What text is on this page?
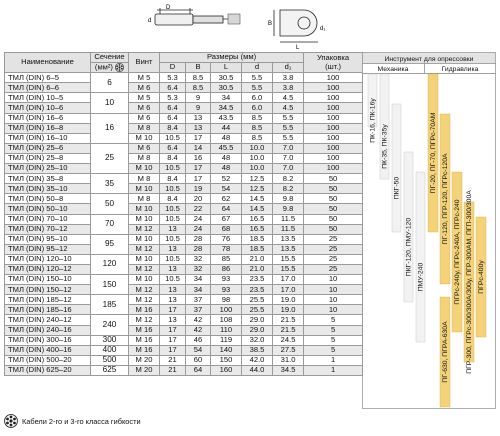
D
d	B
L
d₁
Наименование	Сечение	Винт	Размеры (мм)					Упаковка
(шт.)

	(мм²)		D	B	L	d	d₁	
ТМЛ (DIN) 6–5	6	M 5	5.3	8.5	30.5	5.5	3.8	100
ТМЛ (DIN) 6–6		M 6	6.4	8.5	30.5	5.5	3.8	100
ТМЛ (DIN) 10–5	10	M 5	5.3	9	34	6.0	4.5	100
ТМЛ (DIN) 10–6		M 6	6.4	9	34.5	6.0	4.5	100
ТМЛ (DIN) 16–6	16	M 6	6.4	13	43.5	8.5	5.5	100
ТМЛ (DIN) 16–8		M 8	8.4	13	44	8.5	5.5	100
ТМЛ (DIN) 16–10		M 10	10.5	17	48	8.5	5.5	100
ТМЛ (DIN) 25–6	25	M 6	6.4	14	45.5	10.0	7.0	100
ТМЛ (DIN) 25–8		M 8	8.4	16	48	10.0	7.0	100
ТМЛ (DIN) 25–10		M 10	10.5	17	48	10.0	7.0	100
ТМЛ (DIN) 35–8	35	M 8	8.4	17	52	12.5	8.2	50
ТМЛ (DIN) 35–10		M 10	10.5	19	54	12.5	8.2	50
ТМЛ (DIN) 50–8	50	M 8	8.4	20	62	14.5	9.8	50
ТМЛ (DIN) 50–10		M 10	10.5	22	64	14.5	9.8	50
ТМЛ (DIN) 70–10	70	M 10	10.5	24	67	16.5	11.5	50
ТМЛ (DIN) 70–12		M 12	13	24	68	16.5	11.5	50
ТМЛ (DIN) 95–10	95	M 10	10.5	28	76	18.5	13.5	25
ТМЛ (DIN) 95–12		M 12	13	28	78	18.5	13.5	25
ТМЛ (DIN) 120–10	120	M 10	10.5	32	85	21.0	15.5	25
ТМЛ (DIN) 120–12		M 12	13	32	86	21.0	15.5	25
ТМЛ (DIN) 150–10	150	M 10	10.5	34	93	23.5	17.0	10
ТМЛ (DIN) 150–12		M 12	13	34	93	23.5	17.0	10
ТМЛ (DIN) 185–12	185	M 12	13	37	98	25.5	19.0	10
ТМЛ (DIN) 185–16		M 16	17	37	100	25.5	19.0	10
ТМЛ (DIN) 240–12	240	M 12	13	42	108	29.0	21.5	5
ТМЛ (DIN) 240–16		M 16	17	42	110	29.0	21.5	5
ТМЛ (DIN) 300–16	300	M 16	17	46	119	32.0	24.5	5
ТМЛ (DIN) 400–16	400	M 16	17	54	140	38.5	27.5	5
ТМЛ (DIN) 500–20	500	M 20	21	60	150	42.0	31.0	1
ТМЛ (DIN) 625–20	625	M 20	21	64	160	44.0	34.5	1
Инструмент для опрессовки
Механика	Гидравлика
ПК-16, ПК-16у
ПК-35, ПК-35у
ПКГ-50
ПКГ-120, ПМУ-120
ПМУ-240
ПГ-20, ПГ-70, ПГРс-70АМ
ПГ-120, ПГР-120, ПГРс-120А
ПГРс-240у, ПГРс-240А, ПГРс-240 ПГР-300, ПГРс-300/300А/300у, ПГР-300АМ, ПГП-300/300А ПГРс-400у
ПГ-630, ПГРА-630А
Кабели 2-го и 3-го класса гибкости
